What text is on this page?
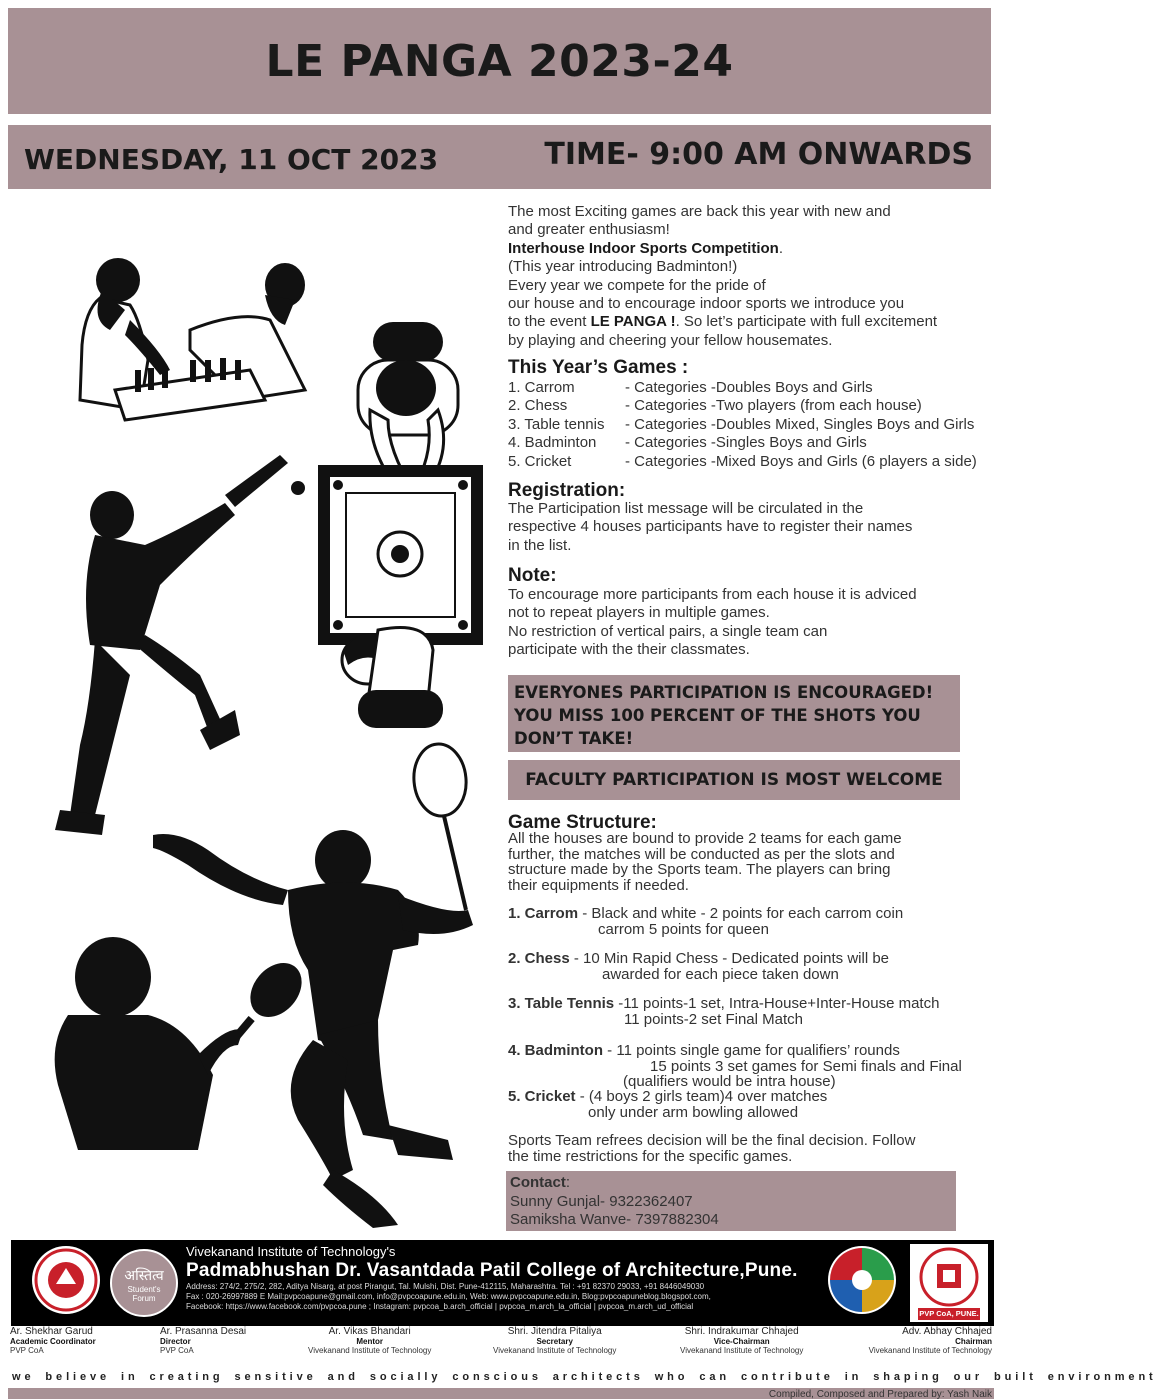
LE PANGA 2023-24
WEDNESDAY, 11 OCT 2023	TIME- 9:00 AM ONWARDS

The most Exciting games are back this year with new and

and greater enthusiasm!

Interhouse Indoor Sports Competition.

(This year introducing Badminton!)

Every year we compete for the pride of

our house and to encourage indoor sports we introduce you

to the event LE PANGA !. So let’s participate with full excitement

by playing and cheering your fellow housemates.

This Year’s Games :
1. Carrom	- Categories -Doubles Boys and Girls
2. Chess	- Categories -Two players (from each house)
3. Table tennis	- Categories -Doubles Mixed, Singles Boys and Girls
4. Badminton	- Categories -Singles Boys and Girls
5. Cricket	- Categories -Mixed Boys and Girls (6 players a side)
Registration:

The Participation list message will be circulated in the

respective 4 houses participants have to register their names

in the list.

Note:

To encourage more participants from each house it is adviced

not to repeat players in multiple games.

No restriction of vertical pairs, a single team can

participate with the their classmates.

EVERYONES PARTICIPATION IS ENCOURAGED!
YOU MISS 100 PERCENT OF THE SHOTS YOU
DON’T TAKE!
FACULTY PARTICIPATION IS MOST WELCOME
Game Structure:

All the houses are bound to provide 2 teams for each game

further, the matches will be conducted as per the slots and

structure made by the Sports team. The players can bring

their equipments if needed.

1. Carrom - Black and white - 2 points for each carrom coin

carrom 5 points for queen

2. Chess - 10 Min Rapid Chess - Dedicated points will be

awarded for each piece taken down

3. Table Tennis -11 points-1 set, Intra-House+Inter-House match

11 points-2 set Final Match

4. Badminton - 11 points single game for qualifiers’ rounds

15 points 3 set games for Semi finals and Final

(qualifiers would be intra house)

5. Cricket - (4 boys 2 girls team)4 over matches

only under arm bowling allowed

Sports Team refrees decision will be the final decision. Follow

the time restrictions for the specific games.

Contact:

Sunny Gunjal- 9322362407

Samiksha Wanve- 7397882304

अस्तित्व
Student's
Forum
Vivekanand Institute of Technology's
Padmabhushan Dr. Vasantdada Patil College of Architecture,Pune.
Address: 274/2, 275/2, 282, Aditya Nisarg, at post Pirangut, Tal. Mulshi, Dist. Pune-412115, Maharashtra. Tel : +91 82370 29033, +91 8446049030
Fax : 020-26997889 E Mail:pvpcoapune@gmail.com, info@pvpcoapune.edu.in, Web: www.pvpcoapune.edu.in, Blog:pvpcoapuneblog.blogspot.com,
Facebook: https://www.facebook.com/pvpcoa.pune ; Instagram: pvpcoa_b.arch_official | pvpcoa_m.arch_la_official | pvpcoa_m.arch_ud_official
PVP CoA, PUNE.
Ar. Shekhar Garud
Academic Coordinator
PVP CoA
Ar. Prasanna Desai
Director
PVP CoA
Ar. Vikas Bhandari
Mentor
Vivekanand Institute of Technology
Shri. Jitendra Pitaliya
Secretary
Vivekanand Institute of Technology
Shri. Indrakumar Chhajed
Vice-Chairman
Vivekanand Institute of Technology
Adv. Abhay Chhajed
Chairman
Vivekanand Institute of Technology
we believe in creating sensitive and socially conscious architects who can contribute in shaping our built environment
Compiled, Composed and Prepared by: Yash Naik
